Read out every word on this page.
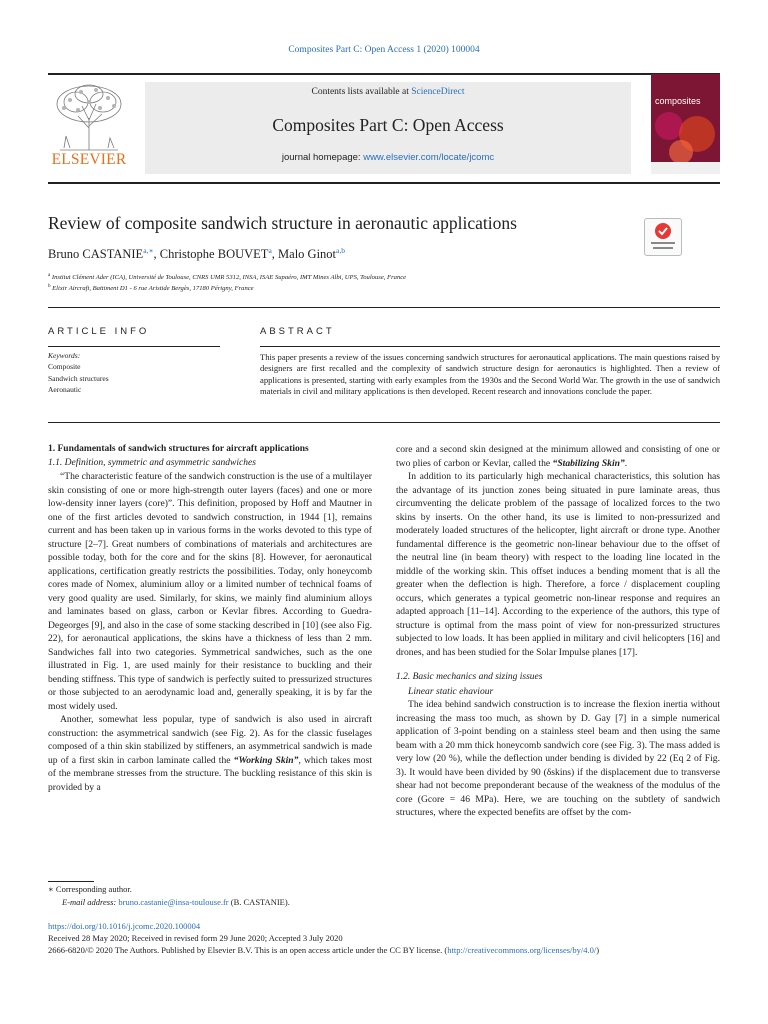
Composites Part C: Open Access 1 (2020) 100004
ELSEVIER
Contents lists available at ScienceDirect
Composites Part C: Open Access
journal homepage: www.elsevier.com/locate/jcomc
composites
Review of composite sandwich structure in aeronautic applications
Bruno $CASTANIE^{a,∗}$, Christophe BOUVET$^a$, Malo Ginot$^{a,b}$
$^a$ Institut Clément Ader (ICA), Université de Toulouse, CNRS UMR 5312, INSA, ISAE Supaéro, IMT Mines Albi, UPS, Toulouse, France
$^b$ Elixir Aircraft, Battiment D1 - 6 rue Aristide Bergès, 17180 Périgny, France
ARTICLE INFO
Keywords:
Composite
Sandwich structures
Aeronautic
ABSTRACT
This paper presents a review of the issues concerning sandwich structures for aeronautical applications. The main questions raised by designers are first recalled and the complexity of sandwich structure design for aeronautics is highlighted. Then a review of applications is presented, starting with early examples from the 1930s and the Second World War. The growth in the use of sandwich materials in civil and military applications is then developed. Recent research and innovations conclude the paper.

1. Fundamentals of sandwich structures for aircraft applications

1.1. Definition, symmetric and asymmetric sandwiches

“The characteristic feature of the sandwich construction is the use of a multilayer skin consisting of one or more high-strength outer layers (faces) and one or more low-density inner layers (core)”. This definition, proposed by Hoff and Mautner in one of the first articles devoted to sandwich construction, in 1944 [1], remains current and has been taken up in various forms in the works devoted to this type of structure [2–7]. Great numbers of combinations of materials and architectures are possible today, both for the core and for the skins [8]. However, for aeronautical applications, certification greatly restricts the possibilities. Today, only honeycomb cores made of Nomex, aluminium alloy or a limited number of technical foams of very good quality are used. Similarly, for skins, we mainly find aluminium alloys and laminates based on glass, carbon or Kevlar fibres. According to Guedra-Degeorges [9], and also in the case of some stacking described in [10] (see also Fig. 22), for aeronautical applications, the skins have a thickness of less than 2 mm. Sandwiches fall into two categories. Symmetrical sandwiches, such as the one illustrated in Fig. 1, are used mainly for their resistance to buckling and their bending stiffness. This type of sandwich is perfectly suited to pressurized structures or those subjected to an aerodynamic load and, generally speaking, it is by far the most widely used.

Another, somewhat less popular, type of sandwich is also used in aircraft construction: the asymmetrical sandwich (see Fig. 2). As for the classic fuselages composed of a thin skin stabilized by stiffeners, an asymmetrical sandwich is made up of a first skin in carbon laminate called the “Working Skin”, which takes most of the membrane stresses from the structure. The buckling resistance of this skin is provided by a

core and a second skin designed at the minimum allowed and consisting of one or two plies of carbon or Kevlar, called the “Stabilizing Skin”.

In addition to its particularly high mechanical characteristics, this solution has the advantage of its junction zones being situated in pure laminate areas, thus circumventing the delicate problem of the passage of localized forces to the two skins by inserts. On the other hand, its use is limited to non-pressurized and moderately loaded structures of the helicopter, light aircraft or drone type. Another fundamental difference is the geometric non-linear behaviour due to the offset of the neutral line (in beam theory) with respect to the loading line located in the middle of the working skin. This offset induces a bending moment that is all the greater when the deflection is high. Therefore, a force / displacement coupling occurs, which generates a typical geometric non-linear response and requires an adapted approach [11–14]. According to the experience of the authors, this type of structure is optimal from the mass point of view for non-pressurized structures subjected to low loads. It has been applied in military and civil helicopters [16] and drones, and has been studied for the Solar Impulse planes [17].

1.2. Basic mechanics and sizing issues

Linear static ehaviour

The idea behind sandwich construction is to increase the flexion inertia without increasing the mass too much, as shown by D. Gay [7] in a simple numerical application of 3-point bending on a stainless steel beam and then using the same beam with a 20 mm thick honeycomb sandwich core (see Fig. 3). The mass added is very low (20 %), while the deflection under bending is divided by 22 (Eq 2 of Fig. 3). It would have been divided by 90 (δskins) if the displacement due to transverse shear had not become preponderant because of the weakness of the modulus of the core (Gcore = 46 MPa). Here, we are touching on the subtlety of sandwich structures, where the expected benefits are offset by the com-

∗ Corresponding author.
E-mail address: bruno.castanie@insa-toulouse.fr (B. CASTANIE).
https://doi.org/10.1016/j.jcomc.2020.100004
Received 28 May 2020; Received in revised form 29 June 2020; Accepted 3 July 2020
2666-6820/© 2020 The Authors. Published by Elsevier B.V. This is an open access article under the CC BY license. (http://creativecommons.org/licenses/by/4.0/)
